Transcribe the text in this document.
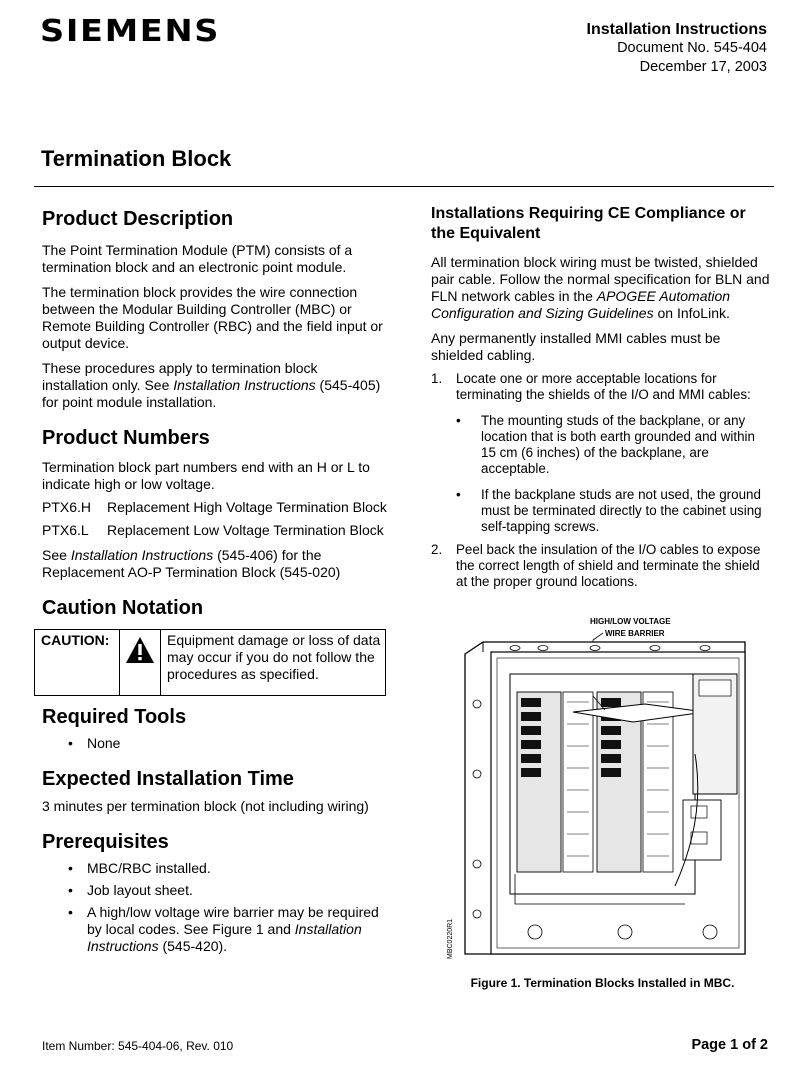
SIEMENS	Installation Instructions
Document No. 545-404
December 17, 2003
Termination Block
Product Description

The Point Termination Module (PTM) consists of a termination block and an electronic point module.

The termination block provides the wire connection between the Modular Building Controller (MBC) or Remote Building Controller (RBC) and the field input or output device.

These procedures apply to termination block installation only. See Installation Instructions (545-405) for point module installation.

Product Numbers

Termination block part numbers end with an H or L to indicate high or low voltage.

PTX6.H	Replacement High Voltage Termination Block
PTX6.L	Replacement Low Voltage Termination Block

See Installation Instructions (545-406) for the Replacement AO-P Termination Block (545-020)

Caution Notation
CAUTION:		Equipment damage or loss of data may occur if you do not follow the procedures as specified.
Required Tools
•	None
Expected Installation Time

3 minutes per termination block (not including wiring)

Prerequisites
•	MBC/RBC installed.
•	Job layout sheet.
•	A high/low voltage wire barrier may be required by local codes. See Figure 1 and Installation Instructions (545-420).
Installations Requiring CE Compliance or the Equivalent

All termination block wiring must be twisted, shielded pair cable. Follow the normal specification for BLN and FLN network cables in the APOGEE Automation Configuration and Sizing Guidelines on InfoLink.

Any permanently installed MMI cables must be shielded cabling.

1.	Locate one or more acceptable locations for terminating the shields of the I/O and MMI cables:
•	The mounting studs of the backplane, or any location that is both earth grounded and within 15 cm (6 inches) of the backplane, are acceptable.
•	If the backplane studs are not used, the ground must be terminated directly to the cabinet using self-tapping screws.
2.	Peel back the insulation of the I/O cables to expose the correct length of shield and terminate the shield at the proper ground locations.
HIGH/LOW VOLTAGE
WIRE BARRIER
MBC0220R1
Figure 1. Termination Blocks Installed in MBC.
Item Number: 545-404-06, Rev. 010	Page 1 of 2
